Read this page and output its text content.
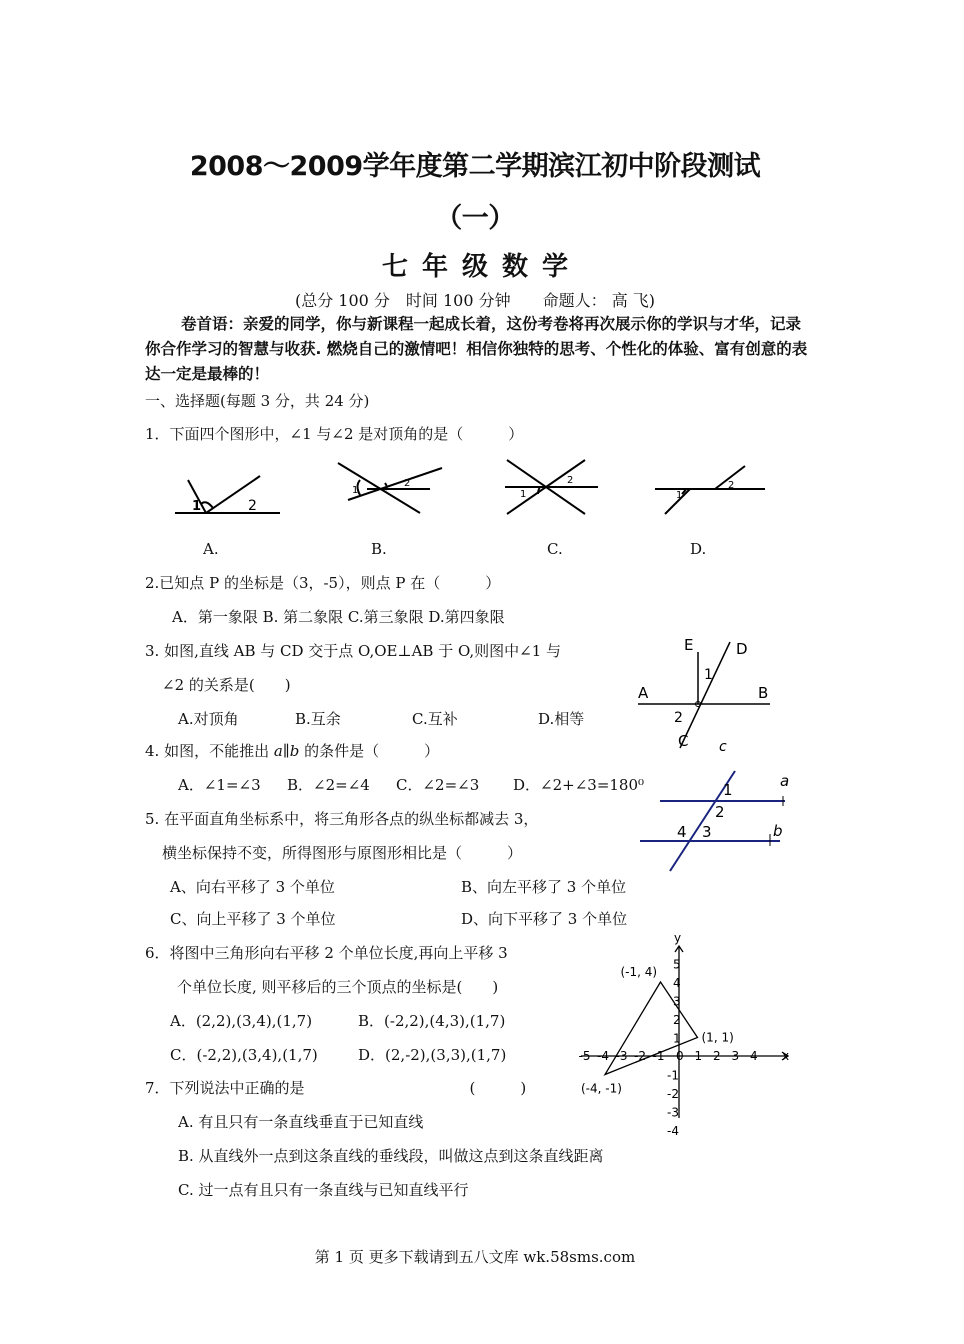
2008～2009学年度第二学期滨江初中阶段测试
（一）
七年级数学
(总分 100 分　时间 100 分钟　　命题人： 高 飞)
卷首语：亲爱的同学，你与新课程一起成长着，这份考卷将再次展示你的学识与才华，记录你合作学习的智慧与收获. 燃烧自己的激情吧！相信你独特的思考、个性化的体验、富有创意的表达一定是最棒的！
一、选择题(每题 3 分，共 24 分)
1．下面四个图形中，∠1 与∠2 是对顶角的是（　　　）
1	2
1
2
1
2
1
2
A.	B.	C.	D.
2.已知点 P 的坐标是（3，-5），则点 P 在（　　　）
A．第一象限 B. 第二象限 C.第三象限 D.第四象限
3. 如图,直线 AB 与 CD 交于点 O,OE⊥AB 于 O,则图中∠1 与
∠2 的关系是(　　)
A.对顶角	B.互余	C.互补	D.相等
E	D
A	B
1
2
C
4. 如图，不能推出 a∥b 的条件是（　　　）
A．∠1=∠3 B．∠2=∠4 C．∠2=∠3 D．∠2+∠3=180⁰
c
a
b
1
2
3
4
5. 在平面直角坐标系中，将三角形各点的纵坐标都减去 3，
横坐标保持不变，所得图形与原图形相比是（　　　）
A、向右平移了 3 个单位	B、向左平移了 3 个单位
C、向上平移了 3 个单位	D、向下平移了 3 个单位
6．将图中三角形向右平移 2 个单位长度,再向上平移 3
个单位长度, 则平移后的三个顶点的坐标是(　　)
A．(2,2),(3,4),(1,7)	B．(-2,2),(4,3),(1,7)
C．(-2,2),(3,4),(1,7)	D．(2,-2),(3,3),(1,7)	x
y
-5 -4 -3 -2 -1 0 1 2 3 4
5
4
3
2
1
-1
-2
-3
-4
(-1, 4)
(1, 1)
(-4, -1)
7．下列说法中正确的是　　　　　　　　　　　(　　　)
A. 有且只有一条直线垂直于已知直线
B. 从直线外一点到这条直线的垂线段，叫做这点到这条直线距离
C. 过一点有且只有一条直线与已知直线平行
第 1 页 更多下载请到五八文库 wk.58sms.com
